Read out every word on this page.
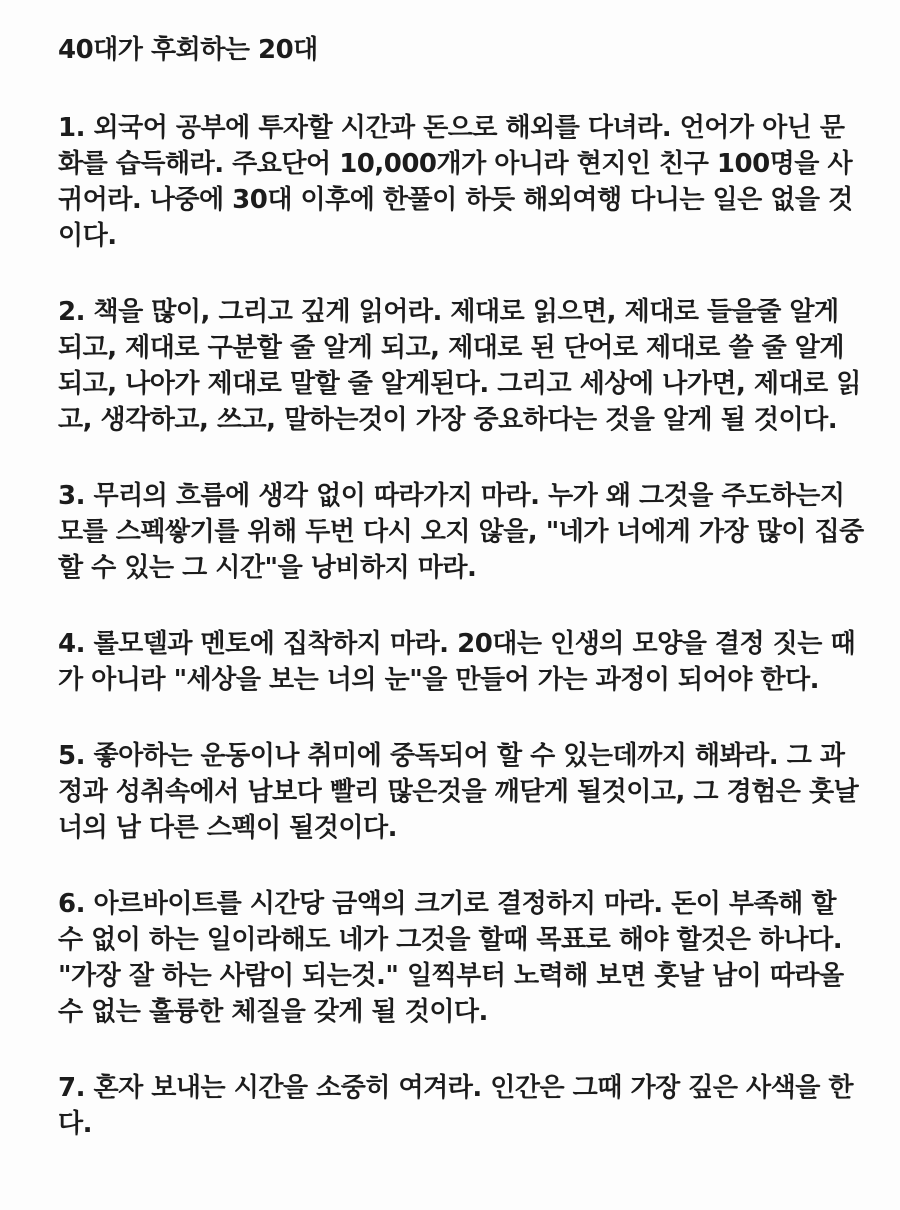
40대가 후회하는 20대
1. 외국어 공부에 투자할 시간과 돈으로 해외를 다녀라. 언어가 아닌 문
화를 습득해라. 주요단어 10,000개가 아니라 현지인 친구 100명을 사
귀어라. 나중에 30대 이후에 한풀이 하듯 해외여행 다니는 일은 없을 것
이다.
2. 책을 많이, 그리고 깊게 읽어라. 제대로 읽으면, 제대로 들을줄 알게
되고, 제대로 구분할 줄 알게 되고, 제대로 된 단어로 제대로 쓸 줄 알게
되고, 나아가 제대로 말할 줄 알게된다. 그리고 세상에 나가면, 제대로 읽
고, 생각하고, 쓰고, 말하는것이 가장 중요하다는 것을 알게 될 것이다.
3. 무리의 흐름에 생각 없이 따라가지 마라. 누가 왜 그것을 주도하는지
모를 스펙쌓기를 위해 두번 다시 오지 않을, "네가 너에게 가장 많이 집중
할 수 있는 그 시간"을 낭비하지 마라.
4. 롤모델과 멘토에 집착하지 마라. 20대는 인생의 모양을 결정 짓는 때
가 아니라 "세상을 보는 너의 눈"을 만들어 가는 과정이 되어야 한다.
5. 좋아하는 운동이나 취미에 중독되어 할 수 있는데까지 해봐라. 그 과
정과 성취속에서 남보다 빨리 많은것을 깨닫게 될것이고, 그 경험은 훗날
너의 남 다른 스펙이 될것이다.
6. 아르바이트를 시간당 금액의 크기로 결정하지 마라. 돈이 부족해 할
수 없이 하는 일이라해도 네가 그것을 할때 목표로 해야 할것은 하나다.
"가장 잘 하는 사람이 되는것." 일찍부터 노력해 보면 훗날 남이 따라올
수 없는 훌륭한 체질을 갖게 될 것이다.
7. 혼자 보내는 시간을 소중히 여겨라. 인간은 그때 가장 깊은 사색을 한
다.
